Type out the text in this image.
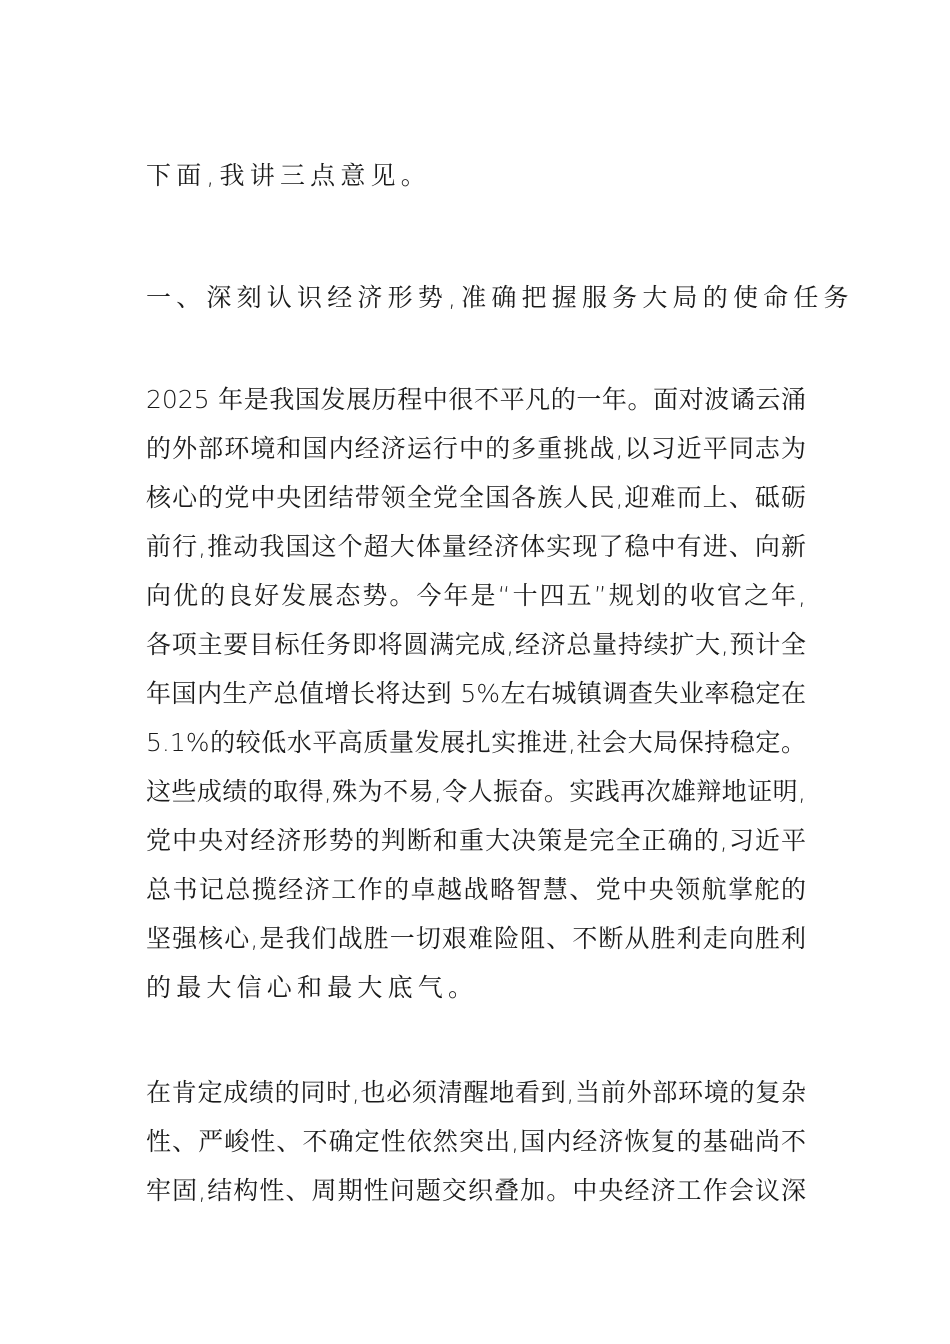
下面,我讲三点意见。
一、深刻认识经济形势,准确把握服务大局的使命任务
2025 年是我国发展历程中很不平凡的一年。面对波谲云涌
的外部环境和国内经济运行中的多重挑战,以习近平同志为
核心的党中央团结带领全党全国各族人民,迎难而上、砥砺
前行,推动我国这个超大体量经济体实现了稳中有进、向新
向优的良好发展态势。今年是“十四五”规划的收官之年,
各项主要目标任务即将圆满完成,经济总量持续扩大,预计全
年国内生产总值增长将达到 5%左右城镇调查失业率稳定在
5.1%的较低水平高质量发展扎实推进,社会大局保持稳定。
这些成绩的取得,殊为不易,令人振奋。实践再次雄辩地证明,
党中央对经济形势的判断和重大决策是完全正确的,习近平
总书记总揽经济工作的卓越战略智慧、党中央领航掌舵的
坚强核心,是我们战胜一切艰难险阻、不断从胜利走向胜利
的最大信心和最大底气。
在肯定成绩的同时,也必须清醒地看到,当前外部环境的复杂
性、严峻性、不确定性依然突出,国内经济恢复的基础尚不
牢固,结构性、周期性问题交织叠加。中央经济工作会议深
